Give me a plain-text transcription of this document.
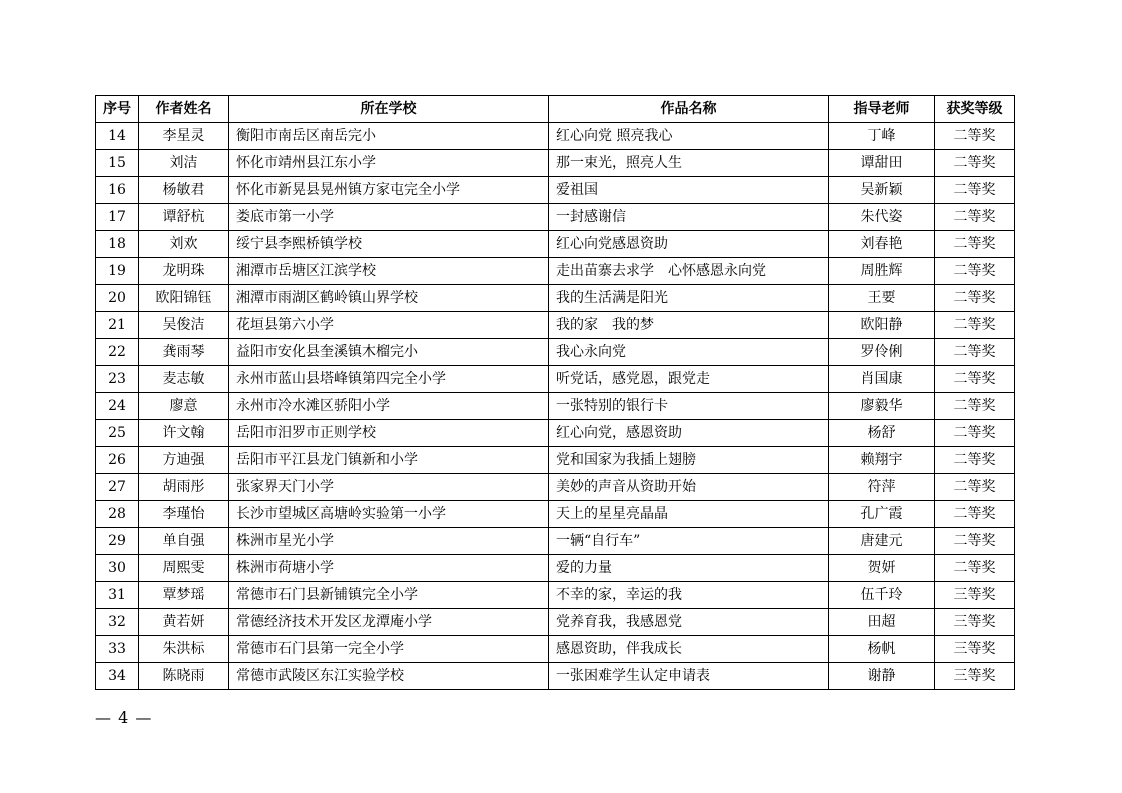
序号	作者姓名	所在学校	作品名称	指导老师	获奖等级
14	李星灵	衡阳市南岳区南岳完小	红心向党 照亮我心	丁峰	二等奖
15	刘洁	怀化市靖州县江东小学	那一束光，照亮人生	谭甜田	二等奖
16	杨敏君	怀化市新晃县晃州镇方家屯完全小学	爱祖国	吴新颖	二等奖
17	谭舒杭	娄底市第一小学	一封感谢信	朱代姿	二等奖
18	刘欢	绥宁县李熙桥镇学校	红心向党感恩资助	刘春艳	二等奖
19	龙明珠	湘潭市岳塘区江滨学校	走出苗寨去求学　心怀感恩永向党	周胜辉	二等奖
20	欧阳锦钰	湘潭市雨湖区鹤岭镇山界学校	我的生活满是阳光	王要	二等奖
21	吴俊洁	花垣县第六小学	我的家　我的梦	欧阳静	二等奖
22	龚雨琴	益阳市安化县奎溪镇木榴完小	我心永向党	罗伶俐	二等奖
23	麦志敏	永州市蓝山县塔峰镇第四完全小学	听党话，感党恩，跟党走	肖国康	二等奖
24	廖意	永州市冷水滩区骄阳小学	一张特别的银行卡	廖毅华	二等奖
25	许文翰	岳阳市汨罗市正则学校	红心向党，感恩资助	杨舒	二等奖
26	方迪强	岳阳市平江县龙门镇新和小学	党和国家为我插上翅膀	赖翔宇	二等奖
27	胡雨彤	张家界天门小学	美妙的声音从资助开始	符萍	二等奖
28	李瑾怡	长沙市望城区高塘岭实验第一小学	天上的星星亮晶晶	孔广霞	二等奖
29	单自强	株洲市星光小学	一辆“自行车”	唐建元	二等奖
30	周熙雯	株洲市荷塘小学	爱的力量	贺妍	二等奖
31	覃梦瑶	常德市石门县新铺镇完全小学	不幸的家，幸运的我	伍千玲	三等奖
32	黄若妍	常德经济技术开发区龙潭庵小学	党养育我，我感恩党	田超	三等奖
33	朱洪标	常德市石门县第一完全小学	感恩资助，伴我成长	杨帆	三等奖
34	陈晓雨	常德市武陵区东江实验学校	一张困难学生认定申请表	谢静	三等奖
— 4 —
